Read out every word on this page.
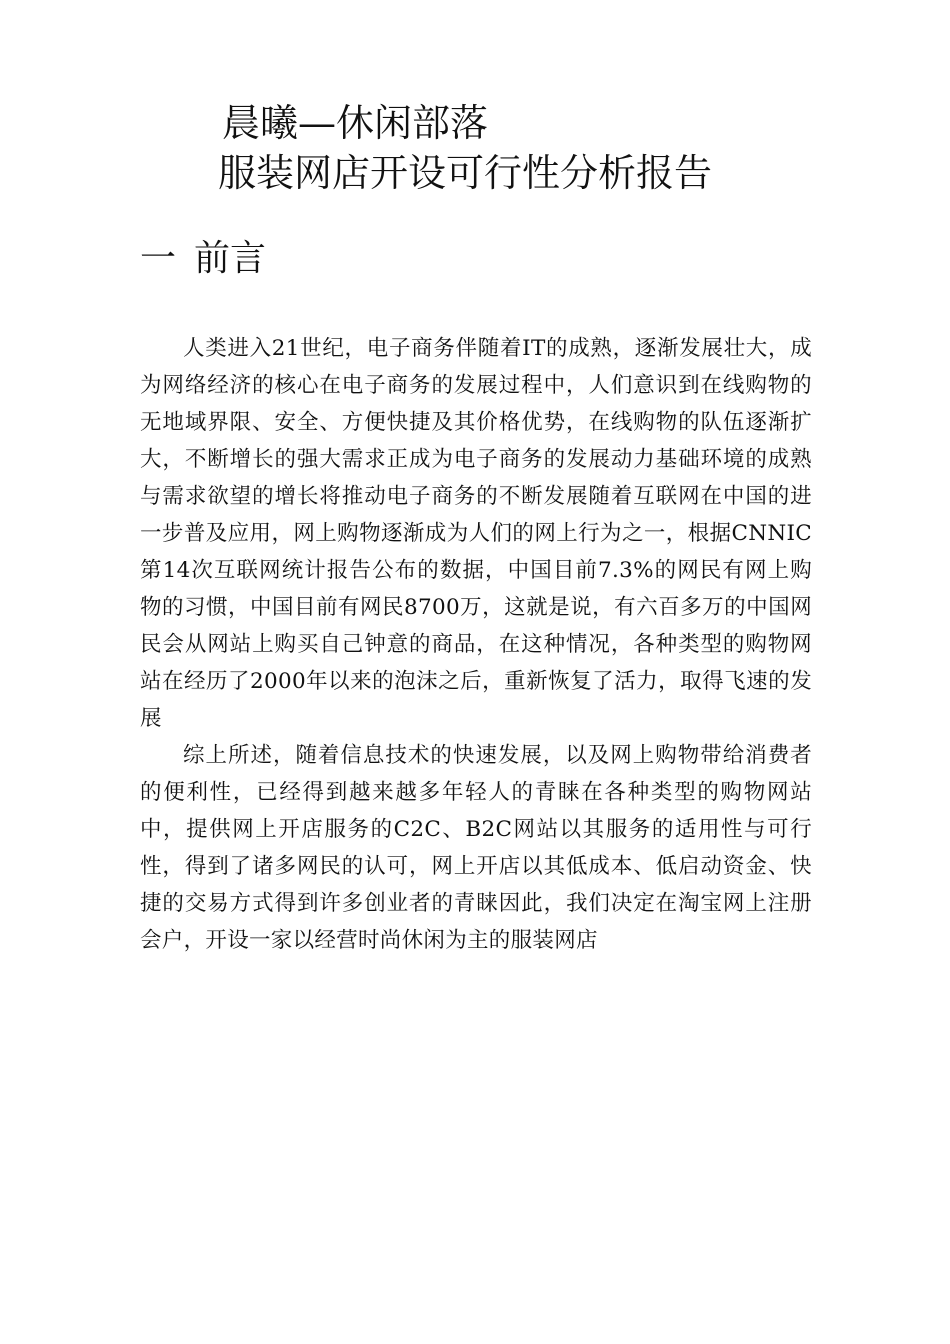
晨曦—休闲部落
服装网店开设可行性分析报告
一 前言

人类进入21世纪，电子商务伴随着IT的成熟，逐渐发展壮大，成为网络经济的核心在电子商务的发展过程中，人们意识到在线购物的无地域界限、安全、方便快捷及其价格优势，在线购物的队伍逐渐扩大，不断增长的强大需求正成为电子商务的发展动力基础环境的成熟与需求欲望的增长将推动电子商务的不断发展随着互联网在中国的进一步普及应用，网上购物逐渐成为人们的网上行为之一，根据CNNIC第14次互联网统计报告公布的数据，中国目前7.3%的网民有网上购物的习惯，中国目前有网民8700万，这就是说，有六百多万的中国网民会从网站上购买自己钟意的商品，在这种情况，各种类型的购物网站在经历了2000年以来的泡沫之后，重新恢复了活力，取得飞速的发展

综上所述，随着信息技术的快速发展，以及网上购物带给消费者的便利性，已经得到越来越多年轻人的青睐在各种类型的购物网站中，提供网上开店服务的C2C、B2C网站以其服务的适用性与可行性，得到了诸多网民的认可，网上开店以其低成本、低启动资金、快捷的交易方式得到许多创业者的青睐因此，我们决定在淘宝网上注册会户，开设一家以经营时尚休闲为主的服装网店
